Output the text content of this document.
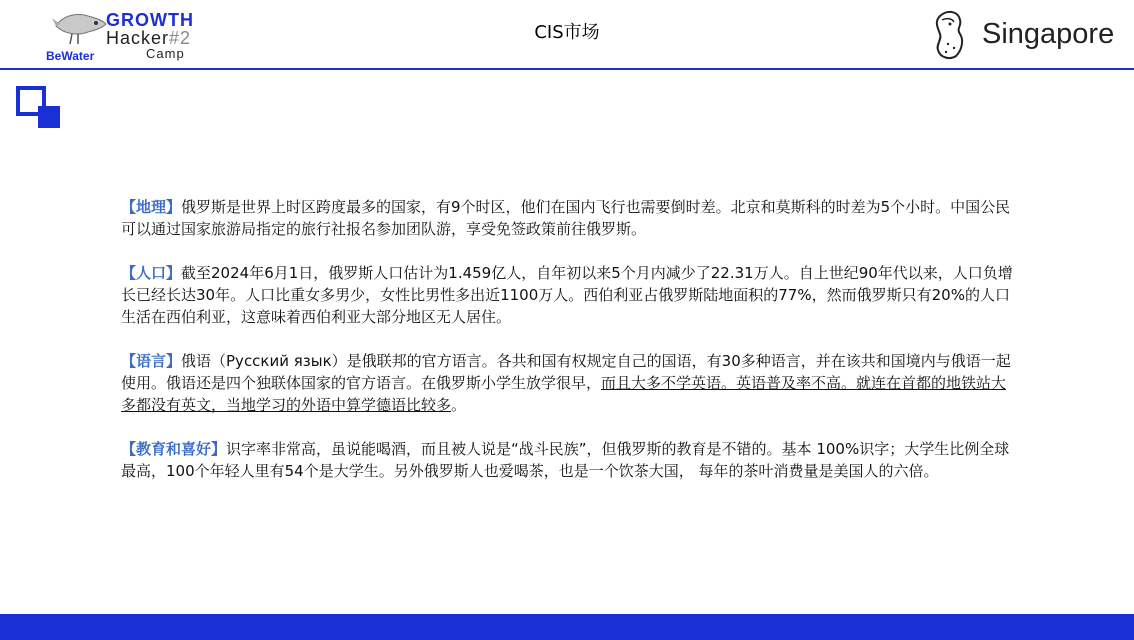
GROWTH
Hacker#2
BeWater	Camp
CIS市场	Singapore

【地理】俄罗斯是世界上时区跨度最多的国家，有9个时区，他们在国内飞行也需要倒时差。北京和莫斯科的时差为5个小时。中国公民可以通过国家旅游局指定的旅行社报名参加团队游，享受免签政策前往俄罗斯。

【人口】截至2024年6月1日，俄罗斯人口估计为1.459亿人，自年初以来5个月内减少了22.31万人。自上世纪90年代以来，人口负增长已经长达30年。人口比重女多男少，女性比男性多出近1100万人。西伯利亚占俄罗斯陆地面积的77%，然而俄罗斯只有20%的人口生活在西伯利亚，这意味着西伯利亚大部分地区无人居住。

【语言】俄语（Русский язык）是俄联邦的官方语言。各共和国有权规定自己的国语，有30多种语言，并在该共和国境内与俄语一起使用。俄语还是四个独联体国家的官方语言。在俄罗斯小学生放学很早，而且大多不学英语。英语普及率不高。就连在首都的地铁站大多都没有英文，当地学习的外语中算学德语比较多。

【教育和喜好】识字率非常高，虽说能喝酒，而且被人说是“战斗民族”，但俄罗斯的教育是不错的。基本 100%识字；大学生比例全球最高，100个年轻人里有54个是大学生。另外俄罗斯人也爱喝茶，也是一个饮茶大国， 每年的茶叶消费量是美国人的六倍。
